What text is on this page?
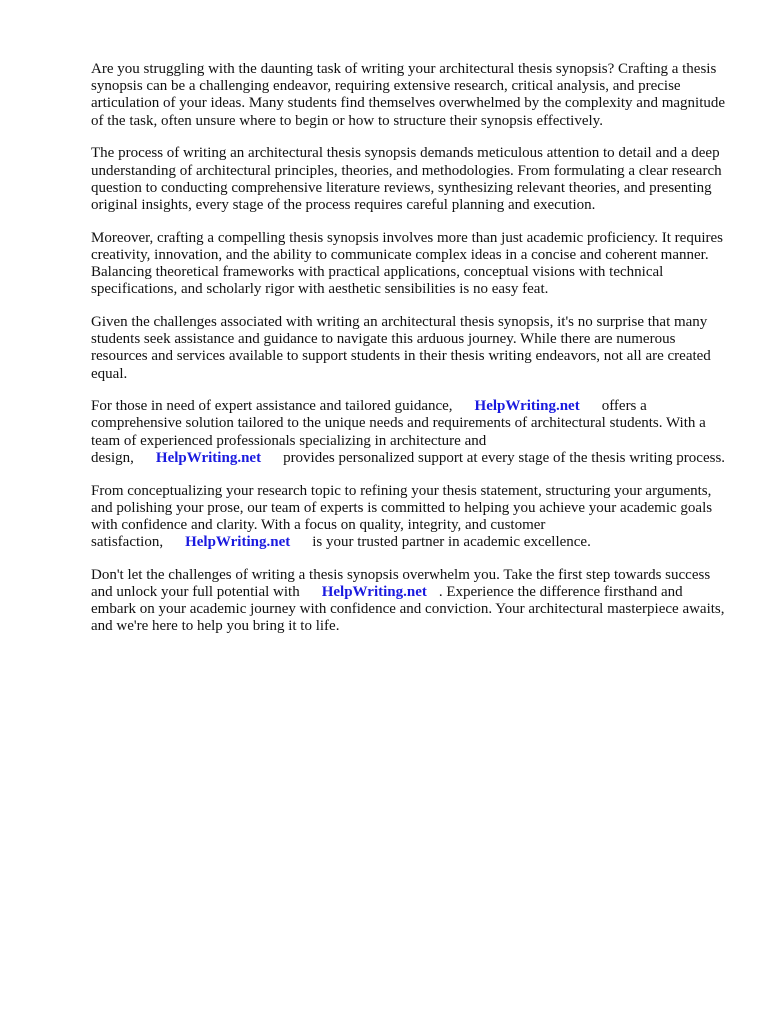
Are you struggling with the daunting task of writing your architectural thesis synopsis? Crafting a thesis synopsis can be a challenging endeavor, requiring extensive research, critical analysis, and precise articulation of your ideas. Many students find themselves overwhelmed by the complexity and magnitude of the task, often unsure where to begin or how to structure their synopsis effectively.

The process of writing an architectural thesis synopsis demands meticulous attention to detail and a deep understanding of architectural principles, theories, and methodologies. From formulating a clear research question to conducting comprehensive literature reviews, synthesizing relevant theories, and presenting original insights, every stage of the process requires careful planning and execution.

Moreover, crafting a compelling thesis synopsis involves more than just academic proficiency. It requires creativity, innovation, and the ability to communicate complex ideas in a concise and coherent manner. Balancing theoretical frameworks with practical applications, conceptual visions with technical specifications, and scholarly rigor with aesthetic sensibilities is no easy feat.

Given the challenges associated with writing an architectural thesis synopsis, it's no surprise that many students seek assistance and guidance to navigate this arduous journey. While there are numerous resources and services available to support students in their thesis writing endeavors, not all are created equal.

For those in need of expert assistance and tailored guidance, HelpWriting.net offers a comprehensive solution tailored to the unique needs and requirements of architectural students. With a team of experienced professionals specializing in architecture and design, HelpWriting.net provides personalized support at every stage of the thesis writing process.

From conceptualizing your research topic to refining your thesis statement, structuring your arguments, and polishing your prose, our team of experts is committed to helping you achieve your academic goals with confidence and clarity. With a focus on quality, integrity, and customer satisfaction, HelpWriting.net is your trusted partner in academic excellence.

Don't let the challenges of writing a thesis synopsis overwhelm you. Take the first step towards success and unlock your full potential with HelpWriting.net . Experience the difference firsthand and embark on your academic journey with confidence and conviction. Your architectural masterpiece awaits, and we're here to help you bring it to life.
